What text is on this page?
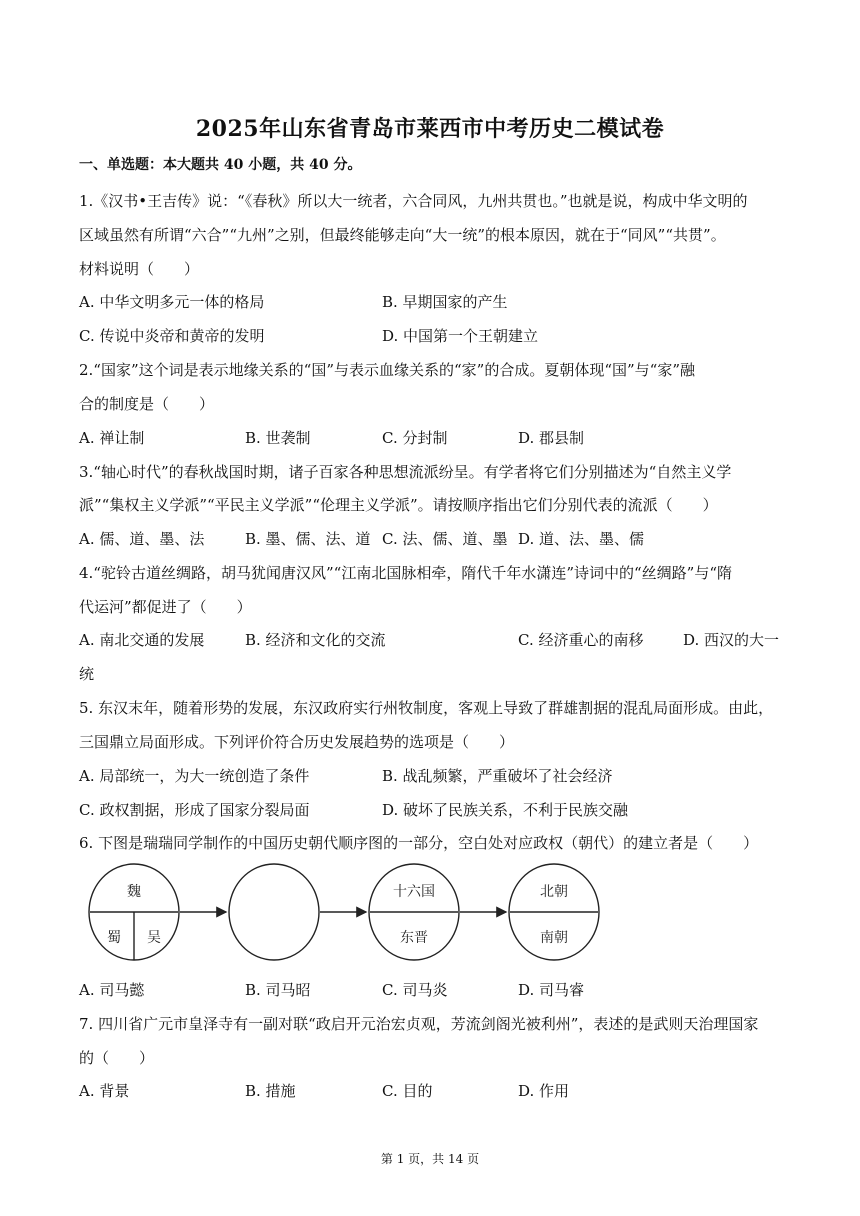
2025年山东省青岛市莱西市中考历史二模试卷
一、单选题：本大题共 40 小题，共 40 分。
1.《汉书•王吉传》说：“《春秋》所以大一统者，六合同风，九州共贯也。”也就是说，构成中华文明的
区域虽然有所谓“六合”“九州”之别，但最终能够走向“大一统”的根本原因，就在于“同风”“共贯”。
材料说明（　　）
A. 中华文明多元一体的格局	B. 早期国家的产生
C. 传说中炎帝和黄帝的发明	D. 中国第一个王朝建立
2.“国家”这个词是表示地缘关系的“国”与表示血缘关系的“家”的合成。夏朝体现“国”与“家”融
合的制度是（　　）
A. 禅让制	B. 世袭制	C. 分封制	D. 郡县制
3.“轴心时代”的春秋战国时期，诸子百家各种思想流派纷呈。有学者将它们分别描述为“自然主义学
派”“集权主义学派”“平民主义学派”“伦理主义学派”。请按顺序指出它们分别代表的流派（　　）
A. 儒、道、墨、法	B. 墨、儒、法、道 C. 法、儒、道、墨 D. 道、法、墨、儒
4.“驼铃古道丝绸路，胡马犹闻唐汉风”“江南北国脉相牵，隋代千年水潇连”诗词中的“丝绸路”与“隋
代运河”都促进了（　　）
A. 南北交通的发展	B. 经济和文化的交流	C. 经济重心的南移	D. 西汉的大一
统
5. 东汉末年，随着形势的发展，东汉政府实行州牧制度，客观上导致了群雄割据的混乱局面形成。由此，
三国鼎立局面形成。下列评价符合历史发展趋势的选项是（　　）
A. 局部统一，为大一统创造了条件	B. 战乱频繁，严重破坏了社会经济
C. 政权割据，形成了国家分裂局面	D. 破坏了民族关系，不利于民族交融
6. 下图是瑞瑞同学制作的中国历史朝代顺序图的一部分，空白处对应政权（朝代）的建立者是（　　）
魏
蜀 吴
十六国
东晋
北朝
南朝
A. 司马懿	B. 司马昭	C. 司马炎	D. 司马睿
7. 四川省广元市皇泽寺有一副对联“政启开元治宏贞观，芳流剑阁光被利州”，表述的是武则天治理国家
的（　　）
A. 背景	B. 措施	C. 目的	D. 作用
第 1 页，共 14 页
